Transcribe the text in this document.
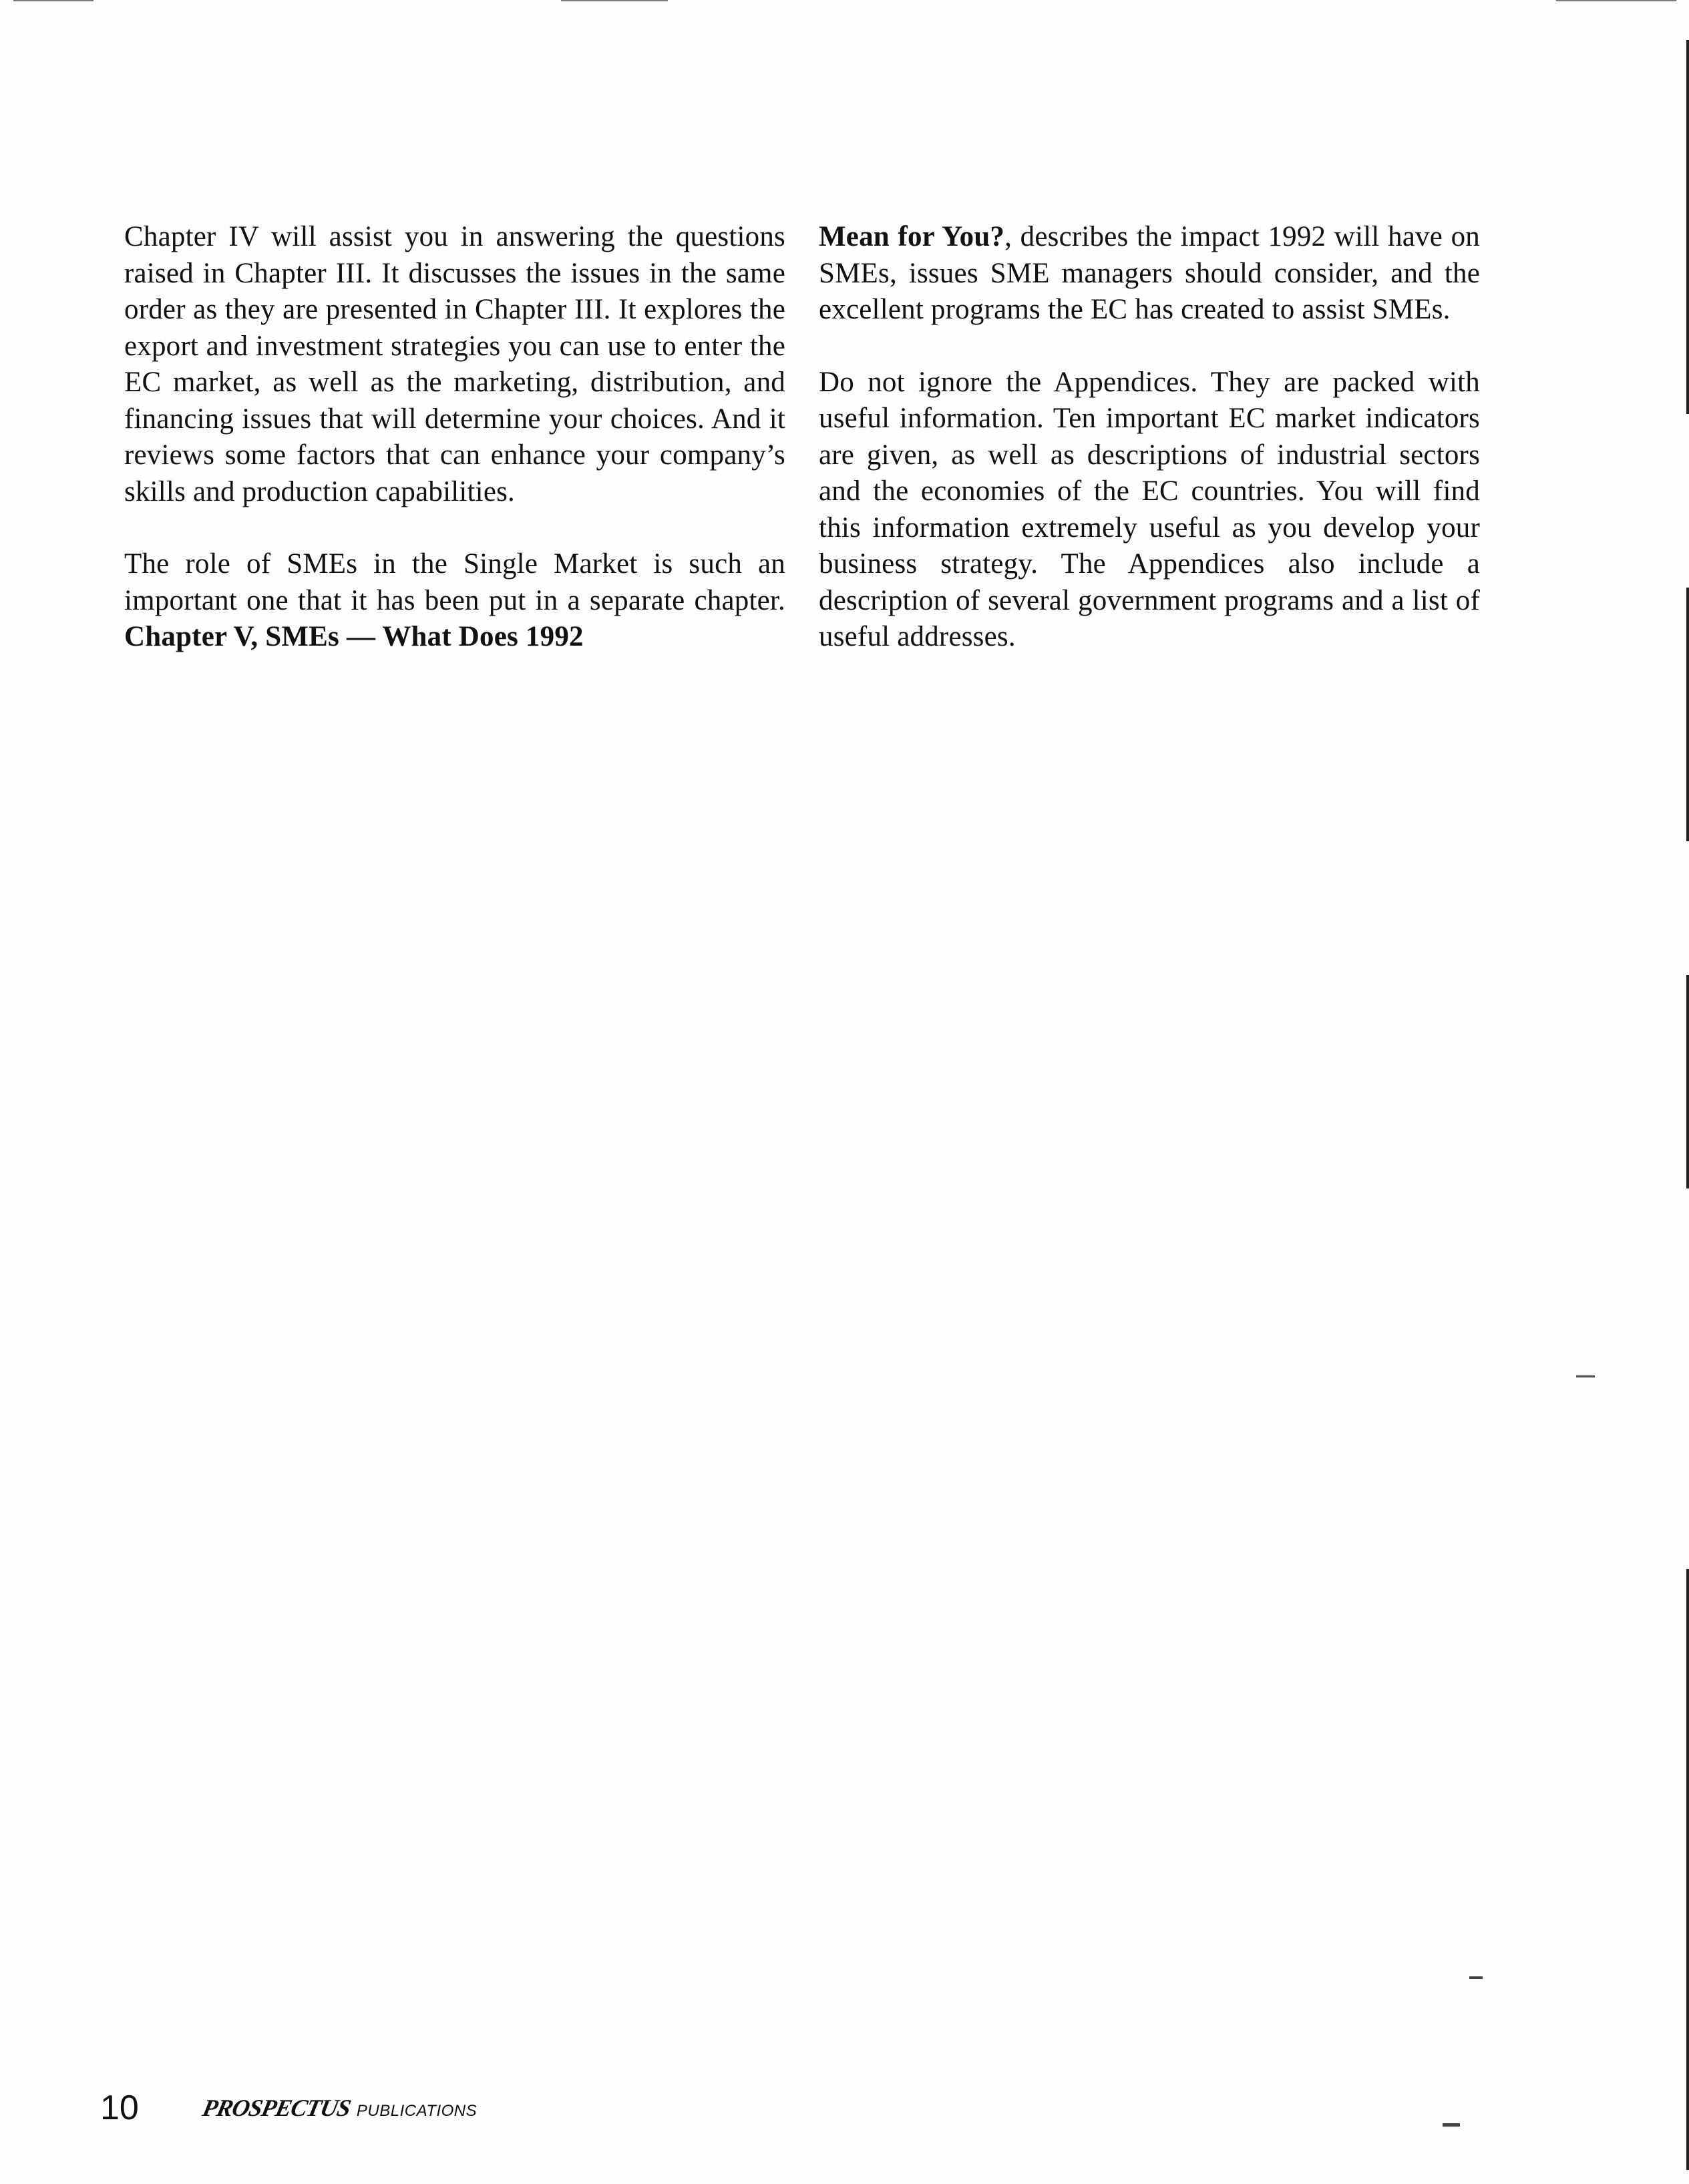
Chapter IV will assist you in answering the questions raised in Chapter III. It discusses the issues in the same order as they are presented in Chapter III. It explores the export and investment strategies you can use to enter the EC market, as well as the marketing, distribution, and financing issues that will determine your choices. And it reviews some factors that can enhance your company’s skills and production capabilities.

The role of SMEs in the Single Market is such an important one that it has been put in a separate chapter. Chapter V, SMEs — What Does 1992

Mean for You?, describes the impact 1992 will have on SMEs, issues SME managers should consider, and the excellent programs the EC has created to assist SMEs.

Do not ignore the Appendices. They are packed with useful information. Ten important EC market indicators are given, as well as descriptions of industrial sectors and the economies of the EC countries. You will find this information extremely useful as you develop your business strategy. The Appendices also include a description of several government programs and a list of useful addresses.

10	PROSPECTUS PUBLICATIONS
